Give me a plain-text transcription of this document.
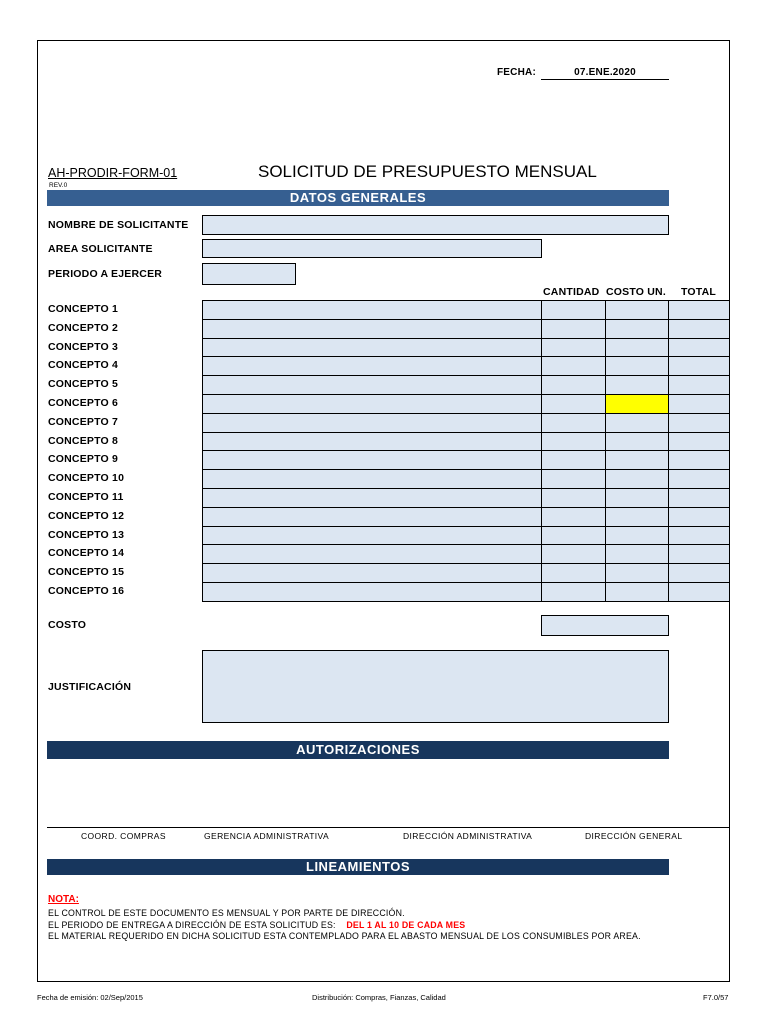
FECHA:	07.ENE.2020
AH-PRODIR-FORM-01
REV.0
SOLICITUD DE PRESUPUESTO MENSUAL
DATOS GENERALES
NOMBRE DE SOLICITANTE
AREA SOLICITANTE
PERIODO A EJERCER
CANTIDAD COSTO UN. TOTAL
CONCEPTO 1
CONCEPTO 2
CONCEPTO 3
CONCEPTO 4
CONCEPTO 5
CONCEPTO 6
CONCEPTO 7
CONCEPTO 8
CONCEPTO 9
CONCEPTO 10
CONCEPTO 11
CONCEPTO 12
CONCEPTO 13
CONCEPTO 14
CONCEPTO 15
CONCEPTO 16
COSTO
JUSTIFICACIÓN
AUTORIZACIONES
COORD. COMPRAS	GERENCIA ADMINISTRATIVA	DIRECCIÓN ADMINISTRATIVA	DIRECCIÓN GENERAL
LINEAMIENTOS
NOTA:
EL CONTROL DE ESTE DOCUMENTO ES MENSUAL Y POR PARTE DE DIRECCIÓN.
EL PERIODO DE ENTREGA A DIRECCIÓN DE ESTA SOLICITUD ES: DEL 1 AL 10 DE CADA MES
EL MATERIAL REQUERIDO EN DICHA SOLICITUD ESTA CONTEMPLADO PARA EL ABASTO MENSUAL DE LOS CONSUMIBLES POR AREA.
Fecha de emisión: 02/Sep/2015	Distribución: Compras, Fianzas, Calidad	F7.0/57
